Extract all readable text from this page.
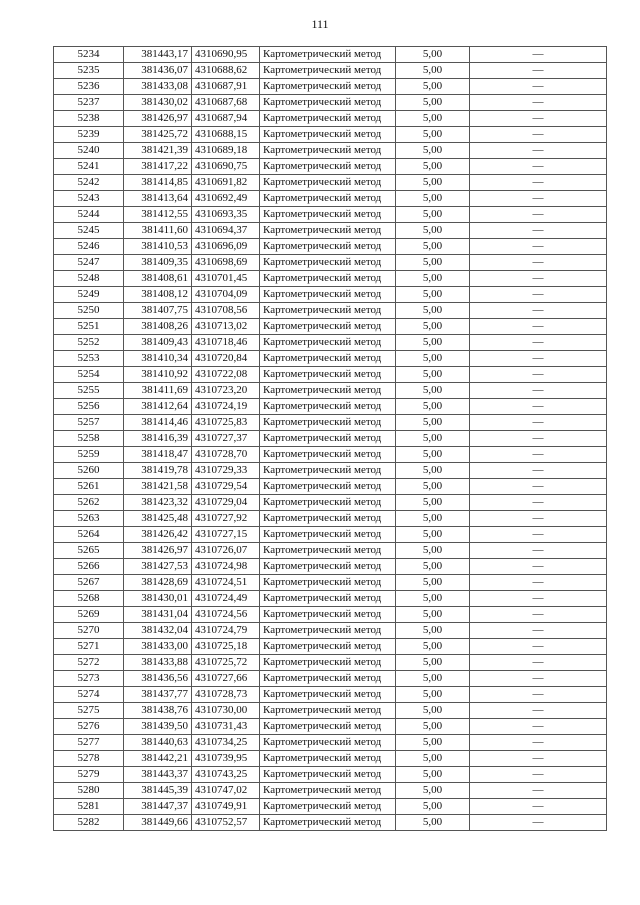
111
5234	381443,17	4310690,95	Картометрический метод	5,00	—
5235	381436,07	4310688,62	Картометрический метод	5,00	—
5236	381433,08	4310687,91	Картометрический метод	5,00	—
5237	381430,02	4310687,68	Картометрический метод	5,00	—
5238	381426,97	4310687,94	Картометрический метод	5,00	—
5239	381425,72	4310688,15	Картометрический метод	5,00	—
5240	381421,39	4310689,18	Картометрический метод	5,00	—
5241	381417,22	4310690,75	Картометрический метод	5,00	—
5242	381414,85	4310691,82	Картометрический метод	5,00	—
5243	381413,64	4310692,49	Картометрический метод	5,00	—
5244	381412,55	4310693,35	Картометрический метод	5,00	—
5245	381411,60	4310694,37	Картометрический метод	5,00	—
5246	381410,53	4310696,09	Картометрический метод	5,00	—
5247	381409,35	4310698,69	Картометрический метод	5,00	—
5248	381408,61	4310701,45	Картометрический метод	5,00	—
5249	381408,12	4310704,09	Картометрический метод	5,00	—
5250	381407,75	4310708,56	Картометрический метод	5,00	—
5251	381408,26	4310713,02	Картометрический метод	5,00	—
5252	381409,43	4310718,46	Картометрический метод	5,00	—
5253	381410,34	4310720,84	Картометрический метод	5,00	—
5254	381410,92	4310722,08	Картометрический метод	5,00	—
5255	381411,69	4310723,20	Картометрический метод	5,00	—
5256	381412,64	4310724,19	Картометрический метод	5,00	—
5257	381414,46	4310725,83	Картометрический метод	5,00	—
5258	381416,39	4310727,37	Картометрический метод	5,00	—
5259	381418,47	4310728,70	Картометрический метод	5,00	—
5260	381419,78	4310729,33	Картометрический метод	5,00	—
5261	381421,58	4310729,54	Картометрический метод	5,00	—
5262	381423,32	4310729,04	Картометрический метод	5,00	—
5263	381425,48	4310727,92	Картометрический метод	5,00	—
5264	381426,42	4310727,15	Картометрический метод	5,00	—
5265	381426,97	4310726,07	Картометрический метод	5,00	—
5266	381427,53	4310724,98	Картометрический метод	5,00	—
5267	381428,69	4310724,51	Картометрический метод	5,00	—
5268	381430,01	4310724,49	Картометрический метод	5,00	—
5269	381431,04	4310724,56	Картометрический метод	5,00	—
5270	381432,04	4310724,79	Картометрический метод	5,00	—
5271	381433,00	4310725,18	Картометрический метод	5,00	—
5272	381433,88	4310725,72	Картометрический метод	5,00	—
5273	381436,56	4310727,66	Картометрический метод	5,00	—
5274	381437,77	4310728,73	Картометрический метод	5,00	—
5275	381438,76	4310730,00	Картометрический метод	5,00	—
5276	381439,50	4310731,43	Картометрический метод	5,00	—
5277	381440,63	4310734,25	Картометрический метод	5,00	—
5278	381442,21	4310739,95	Картометрический метод	5,00	—
5279	381443,37	4310743,25	Картометрический метод	5,00	—
5280	381445,39	4310747,02	Картометрический метод	5,00	—
5281	381447,37	4310749,91	Картометрический метод	5,00	—
5282	381449,66	4310752,57	Картометрический метод	5,00	—
